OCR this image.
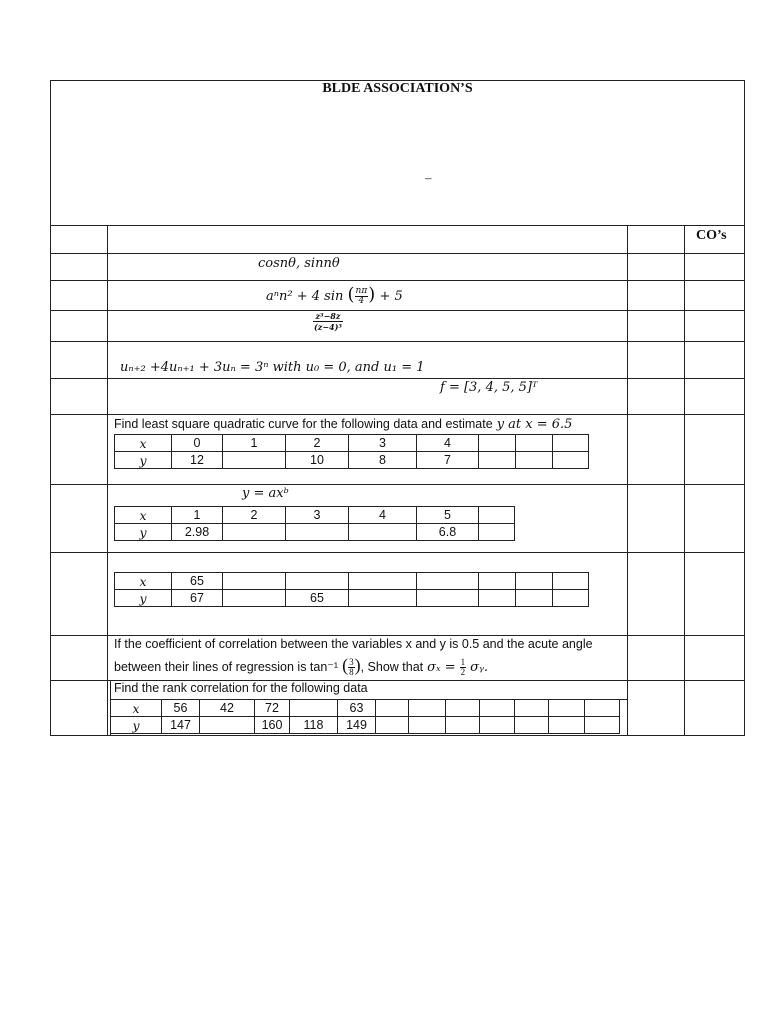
BLDE ASSOCIATION’S
–
CO’s
cosnθ, sinnθ
aⁿn² + 4 sin ( $\frac{n\pi}{4}$ ) + 5
$\frac{\text{z³−8z}}{\text{(z−4)³}}$
uₙ₊₂ +4uₙ₊₁ + 3uₙ = 3ⁿ with u₀ = 0, and u₁ = 1
f = [3, 4, 5, 5]ᵀ
Find least square quadratic curve for the following data and estimate y at x = 6.5
x	0	1	2	3	4			
y	12		10	8	7			
y = axᵇ
x	1	2	3	4	5	
y	2.98				6.8	
x	65							
y	67		65					
If the coefficient of correlation between the variables x and y is 0.5 and the acute angle
between their lines of regression is tan⁻¹ ( $\frac{3}{8}$ ), Show that $\sigma_x = \frac{1}{2}$ σᵧ.
Find the rank correlation for the following data
x	56	42	72		63							
y	147		160	118	149							
